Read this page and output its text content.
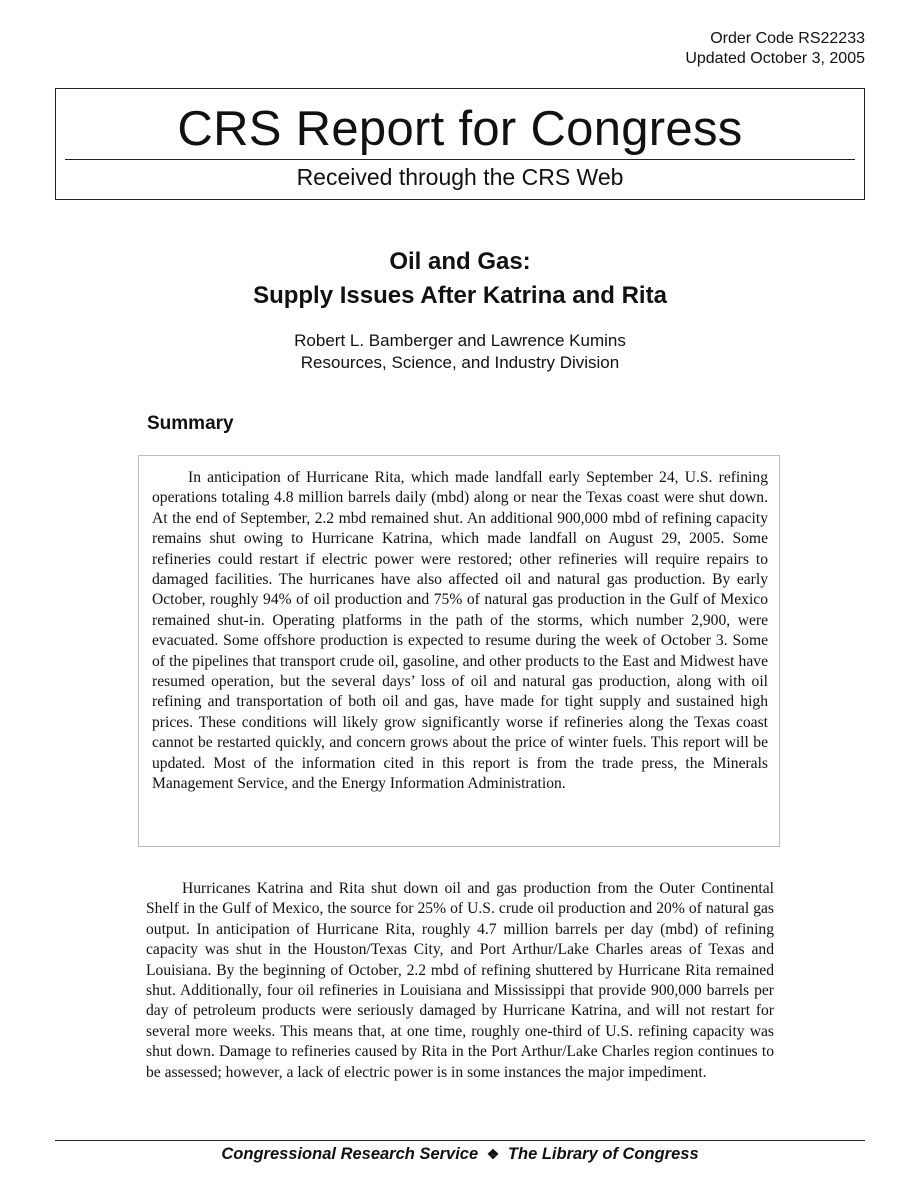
Order Code RS22233
Updated October 3, 2005
CRS Report for Congress
Received through the CRS Web
Oil and Gas:
Supply Issues After Katrina and Rita
Robert L. Bamberger and Lawrence Kumins
Resources, Science, and Industry Division
Summary

In anticipation of Hurricane Rita, which made landfall early September 24, U.S. refining operations totaling 4.8 million barrels daily (mbd) along or near the Texas coast were shut down. At the end of September, 2.2 mbd remained shut. An additional 900,000 mbd of refining capacity remains shut owing to Hurricane Katrina, which made landfall on August 29, 2005. Some refineries could restart if electric power were restored; other refineries will require repairs to damaged facilities. The hurricanes have also affected oil and natural gas production. By early October, roughly 94% of oil production and 75% of natural gas production in the Gulf of Mexico remained shut-in. Operating platforms in the path of the storms, which number 2,900, were evacuated. Some offshore production is expected to resume during the week of October 3. Some of the pipelines that transport crude oil, gasoline, and other products to the East and Midwest have resumed operation, but the several days’ loss of oil and natural gas production, along with oil refining and transportation of both oil and gas, have made for tight supply and sustained high prices. These conditions will likely grow significantly worse if refineries along the Texas coast cannot be restarted quickly, and concern grows about the price of winter fuels. This report will be updated. Most of the information cited in this report is from the trade press, the Minerals Management Service, and the Energy Information Administration.

Hurricanes Katrina and Rita shut down oil and gas production from the Outer Continental Shelf in the Gulf of Mexico, the source for 25% of U.S. crude oil production and 20% of natural gas output. In anticipation of Hurricane Rita, roughly 4.7 million barrels per day (mbd) of refining capacity was shut in the Houston/Texas City, and Port Arthur/Lake Charles areas of Texas and Louisiana. By the beginning of October, 2.2 mbd of refining shuttered by Hurricane Rita remained shut. Additionally, four oil refineries in Louisiana and Mississippi that provide 900,000 barrels per day of petroleum products were seriously damaged by Hurricane Katrina, and will not restart for several more weeks. This means that, at one time, roughly one-third of U.S. refining capacity was shut down. Damage to refineries caused by Rita in the Port Arthur/Lake Charles region continues to be assessed; however, a lack of electric power is in some instances the major impediment.

Congressional Research Service ❖ The Library of Congress
